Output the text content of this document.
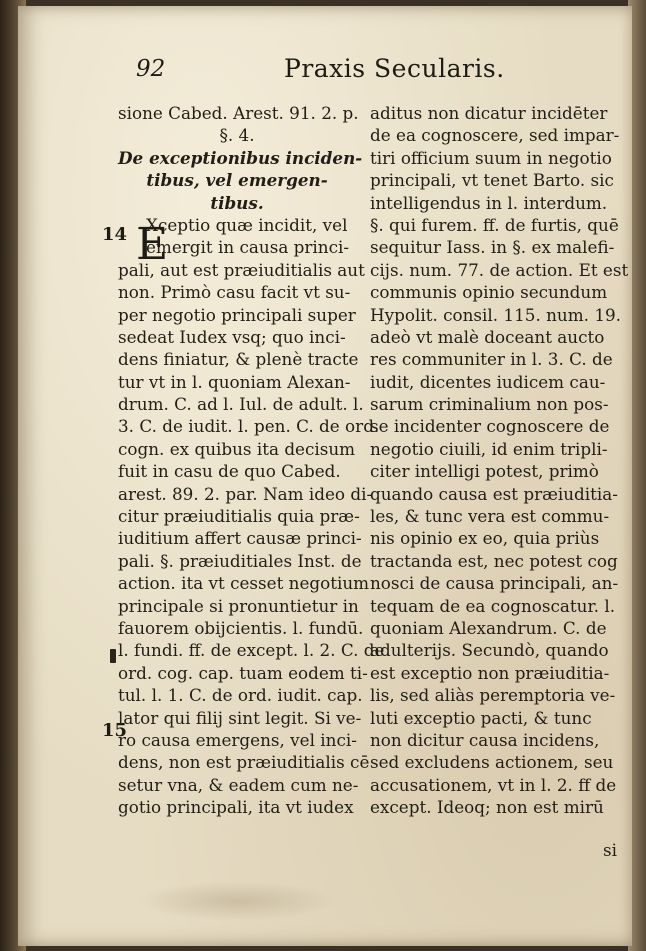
92	Praxis Secularis.
14
15
sione Cabed. Arest. 91. 2. p.
§. 4.
De exceptionibus inciden-
tibus, vel emergen-
tibus.
Xceptio quæ incidit, vel
emergit in causa princi-
pali, aut est præiuditialis aut
non. Primò casu facit vt su-
per negotio principali super
sedeat Iudex vsq; quo inci-
dens finiatur, & plenè tracte
tur vt in l. quoniam Alexan-
drum. C. ad l. Iul. de adult. l.
3. C. de iudit. l. pen. C. de ord.
cogn. ex quibus ita decisum
fuit in casu de quo Cabed.
arest. 89. 2. par. Nam ideo di-
citur præiuditialis quia præ-
iuditium affert causæ princi-
pali. §. præiuditiales Inst. de
action. ita vt cesset negotium
principale si pronuntietur in
fauorem obijcientis. l. fundū.
l. fundi. ff. de except. l. 2. C. de
ord. cog. cap. tuam eodem ti-
tul. l. 1. C. de ord. iudit. cap.
lator qui filij sint legit. Si ve-
ro causa emergens, vel inci-
dens, non est præiuditialis cē
setur vna, & eadem cum ne-
gotio principali, ita vt iudex
E
aditus non dicatur incidēter
de ea cognoscere, sed impar-
tiri officium suum in negotio
principali, vt tenet Barto. sic
intelligendus in l. interdum.
§. qui furem. ff. de furtis, quē
sequitur Iass. in §. ex malefi-
cijs. num. 77. de action. Et est
communis opinio secundum
Hypolit. consil. 115. num. 19.
adeò vt malè doceant aucto
res communiter in l. 3. C. de
iudit, dicentes iudicem cau-
sarum criminalium non pos-
se incidenter cognoscere de
negotio ciuili, id enim tripli-
citer intelligi potest, primò
quando causa est præiuditia-
les, & tunc vera est commu-
nis opinio ex eo, quia priùs
tractanda est, nec potest cog
nosci de causa principali, an-
tequam de ea cognoscatur. l.
quoniam Alexandrum. C. de
adulterijs. Secundò, quando
est exceptio non præiuditia-
lis, sed aliàs peremptoria ve-
luti exceptio pacti, & tunc
non dicitur causa incidens,
sed excludens actionem, seu
accusationem, vt in l. 2. ff de
except. Ideoq; non est mirū
si
